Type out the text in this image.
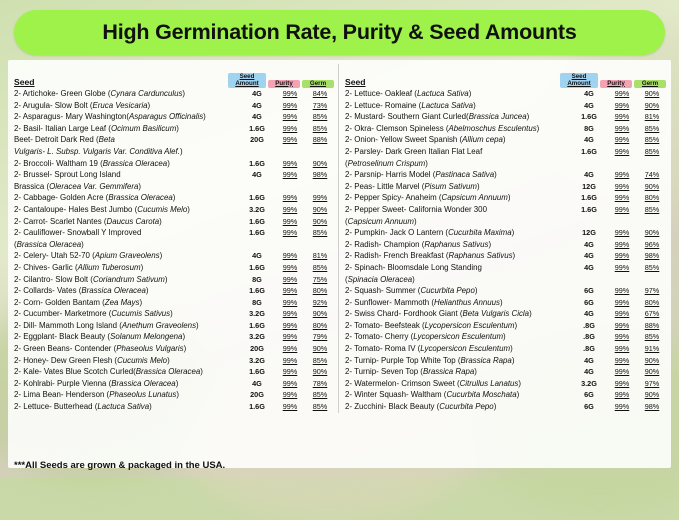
High Germination Rate, Purity & Seed Amounts
Seed
Seed Amount	Purity	Germ
2- Artichoke- Green Globe (Cynara Cardunculus)	4G	99%	84%
2- Arugula- Slow Bolt (Eruca Vesicaria)	4G	99%	73%
2- Asparagus- Mary Washington(Asparagus Officinalis)	4G	99%	85%
2- Basil- Italian Large Leaf (Ocimum Basilicum)	1.6G	99%	85%
Beet- Detroit Dark Red (Beta	20G	99%	88%
Vulgaris- L. Subsp. Vulgaris Var. Conditiva Alef.)
2- Broccoli- Waltham 19 (Brassica Oleracea)	1.6G	99%	90%
2- Brussel- Sprout Long Island	4G	99%	98%
Brassica (Oleracea Var. Gemmifera)
2- Cabbage- Golden Acre (Brassica Oleracea)	1.6G	99%	99%
2- Cantaloupe- Hales Best Jumbo (Cucumis Melo)	3.2G	99%	90%
2- Carrot- Scarlet Nantes (Daucus Carota)	1.6G	99%	90%
2- Cauliflower- Snowball Y Improved	1.6G	99%	85%
(Brassica Oleracea)
2- Celery- Utah 52-70 (Apium Graveolens)	4G	99%	81%
2- Chives- Garlic (Allium Tuberosum)	1.6G	99%	85%
2- Cilantro- Slow Bolt (Coriandrum Sativum)	8G	99%	75%
2- Collards- Vates (Brassica Oleracea)	1.6G	99%	80%
2- Corn- Golden Bantam (Zea Mays)	8G	99%	92%
2- Cucumber- Marketmore (Cucumis Sativus)	3.2G	99%	90%
2- Dill- Mammoth Long Island (Anethum Graveolens)	1.6G	99%	80%
2- Eggplant- Black Beauty (Solanum Melongena)	3.2G	99%	79%
2- Green Beans- Contender (Phaseolus Vulgaris)	20G	99%	90%
2- Honey- Dew Green Flesh (Cucumis Melo)	3.2G	99%	85%
2- Kale- Vates Blue Scotch Curled(Brassica Oleracea)	1.6G	99%	90%
2- Kohlrabi- Purple Vienna (Brassica Oleracea)	4G	99%	78%
2- Lima Bean- Henderson (Phaseolus Lunatus)	20G	99%	85%
2- Lettuce- Butterhead (Lactuca Sativa)	1.6G	99%	85%
Seed
Seed Amount	Purity	Germ
2- Lettuce- Oakleaf (Lactuca Sativa)	4G	99%	90%
2- Lettuce- Romaine (Lactuca Sativa)	4G	99%	90%
2- Mustard- Southern Giant Curled(Brassica Juncea)	1.6G	99%	81%
2- Okra- Clemson Spineless (Abelmoschus Esculentus)	8G	99%	85%
2- Onion- Yellow Sweet Spanish (Allium cepa)	4G	99%	85%
2- Parsley- Dark Green Italian Flat Leaf	1.6G	99%	85%
(Petroselinum Crispum)
2- Parsnip- Harris Model (Pastinaca Sativa)	4G	99%	74%
2- Peas- Little Marvel (Pisum Sativum)	12G	99%	90%
2- Pepper Spicy- Anaheim (Capsicum Annuum)	1.6G	99%	80%
2- Pepper Sweet- California Wonder 300	1.6G	99%	85%
(Capsicum Annuum)
2- Pumpkin- Jack O Lantern (Cucurbita Maxima)	12G	99%	90%
2- Radish- Champion (Raphanus Sativus)	4G	99%	96%
2- Radish- French Breakfast (Raphanus Sativus)	4G	99%	98%
2- Spinach- Bloomsdale Long Standing	4G	99%	85%
(Spinacia Oleracea)
2- Squash- Summer (Cucurbita Pepo)	6G	99%	97%
2- Sunflower- Mammoth (Helianthus Annuus)	6G	99%	80%
2- Swiss Chard- Fordhook Giant (Beta Vulgaris Cicla)	4G	99%	67%
2- Tomato- Beefsteak (Lycopersicon Esculentum)	.8G	99%	88%
2- Tomato- Cherry (Lycopersicon Esculentum)	.8G	99%	85%
2- Tomato- Roma IV (Lycopersicon Esculentum)	.8G	99%	91%
2- Turnip- Purple Top White Top (Brassica Rapa)	4G	99%	90%
2- Turnip- Seven Top (Brassica Rapa)	4G	99%	90%
2- Watermelon- Crimson Sweet (Citrullus Lanatus)	3.2G	99%	97%
2- Winter Squash- Waltham (Cucurbita Moschata)	6G	99%	90%
2- Zucchini- Black Beauty (Cucurbita Pepo)	6G	99%	98%
***All Seeds are grown & packaged in the USA.
